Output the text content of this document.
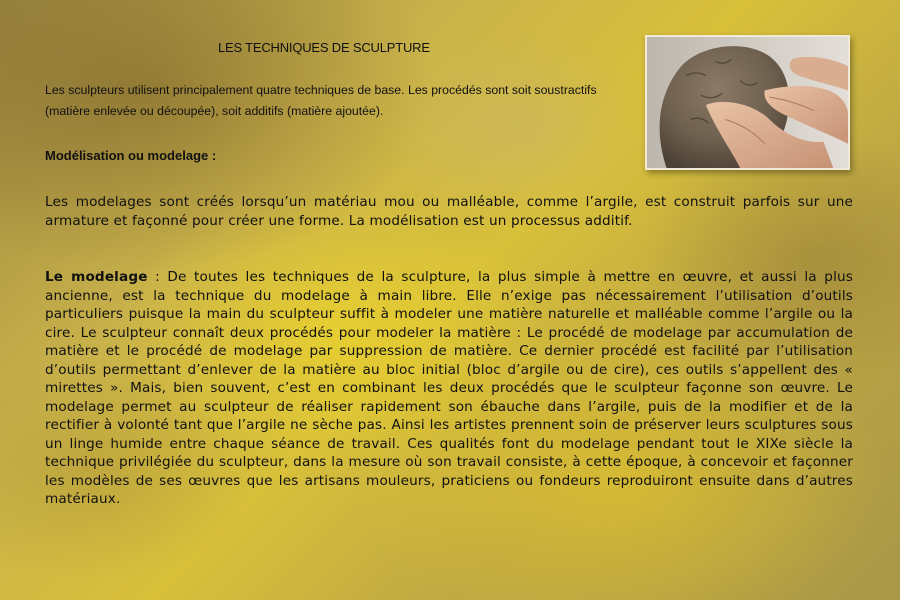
LES TECHNIQUES DE SCULPTURE

Les sculpteurs utilisent principalement quatre techniques de base. Les procédés sont soit soustractifs (matière enlevée ou découpée), soit additifs (matière ajoutée).

Modélisation ou modelage :

Les modelages sont créés lorsqu’un matériau mou ou malléable, comme l’argile, est construit parfois sur une armature et façonné pour créer une forme. La modélisation est un processus additif.

Le modelage : De toutes les techniques de la sculpture, la plus simple à mettre en œuvre, et aussi la plus ancienne, est la technique du modelage à main libre. Elle n’exige pas nécessairement l’utilisation d’outils particuliers puisque la main du sculpteur suffit à modeler une matière naturelle et malléable comme l’argile ou la cire. Le sculpteur connaît deux procédés pour modeler la matière : Le procédé de modelage par accumulation de matière et le procédé de modelage par suppression de matière. Ce dernier procédé est facilité par l’utilisation d’outils permettant d’enlever de la matière au bloc initial (bloc d’argile ou de cire), ces outils s’appellent des « mirettes ». Mais, bien souvent, c’est en combinant les deux procédés que le sculpteur façonne son œuvre. Le modelage permet au sculpteur de réaliser rapidement son ébauche dans l’argile, puis de la modifier et de la rectifier à volonté tant que l’argile ne sèche pas. Ainsi les artistes prennent soin de préserver leurs sculptures sous un linge humide entre chaque séance de travail. Ces qualités font du modelage pendant tout le XIXe siècle la technique privilégiée du sculpteur, dans la mesure où son travail consiste, à cette époque, à concevoir et façonner les modèles de ses œuvres que les artisans mouleurs, praticiens ou fondeurs reproduiront ensuite dans d’autres matériaux.
